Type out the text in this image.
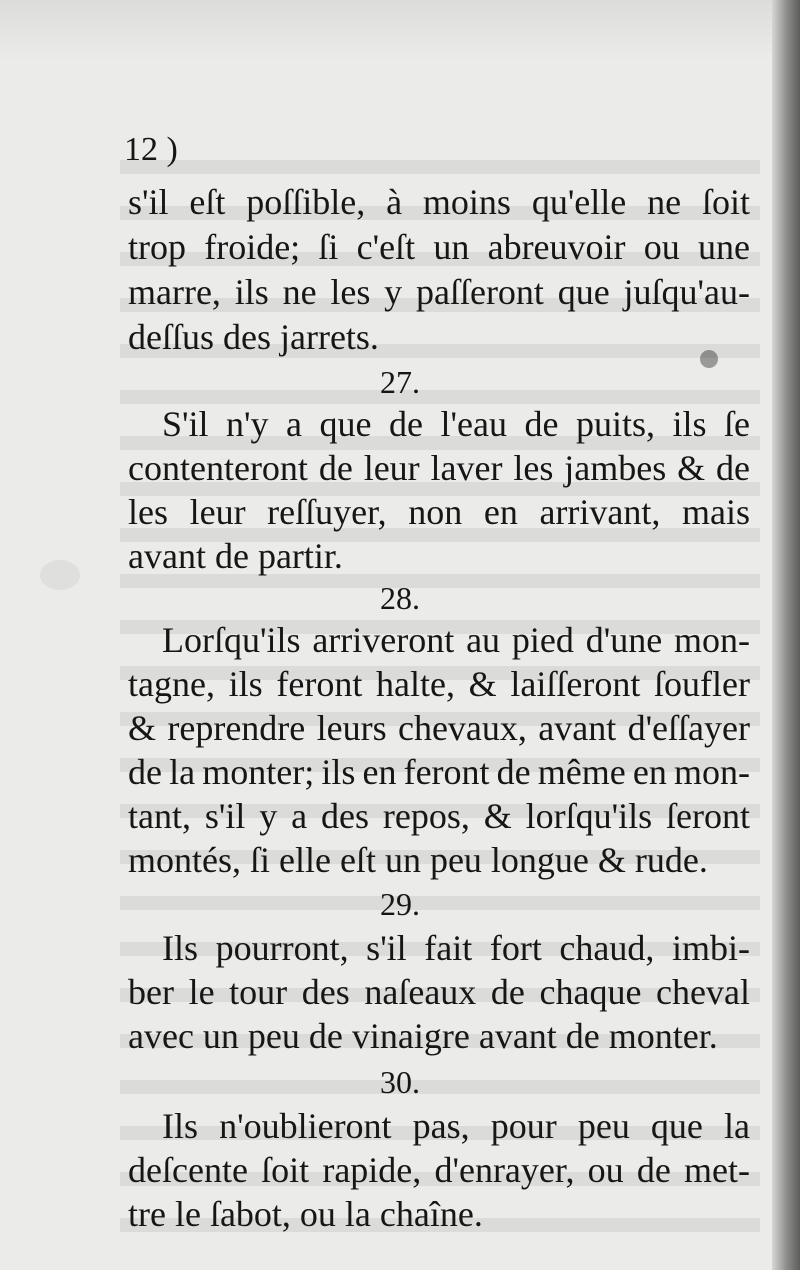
12 )
s'il eſt poſſible, à moins qu'elle ne ſoit
trop froide; ſi c'eſt un abreuvoir ou une
marre, ils ne les y paſſeront que juſqu'au-
deſſus des jarrets.
27.
S'il n'y a que de l'eau de puits, ils ſe
contenteront de leur laver les jambes & de
les leur reſſuyer, non en arrivant, mais
avant de partir.
28.
Lorſqu'ils arriveront au pied d'une mon-
tagne, ils feront halte, & laiſſeront ſoufler
& reprendre leurs chevaux, avant d'eſſayer
de la monter; ils en feront de même en mon-
tant, s'il y a des repos, & lorſqu'ils ſeront
montés, ſi elle eſt un peu longue & rude.
29.
Ils pourront, s'il fait fort chaud, imbi-
ber le tour des naſeaux de chaque cheval
avec un peu de vinaigre avant de monter.
30.
Ils n'oublieront pas, pour peu que la
deſcente ſoit rapide, d'enrayer, ou de met-
tre le ſabot, ou la chaîne.
